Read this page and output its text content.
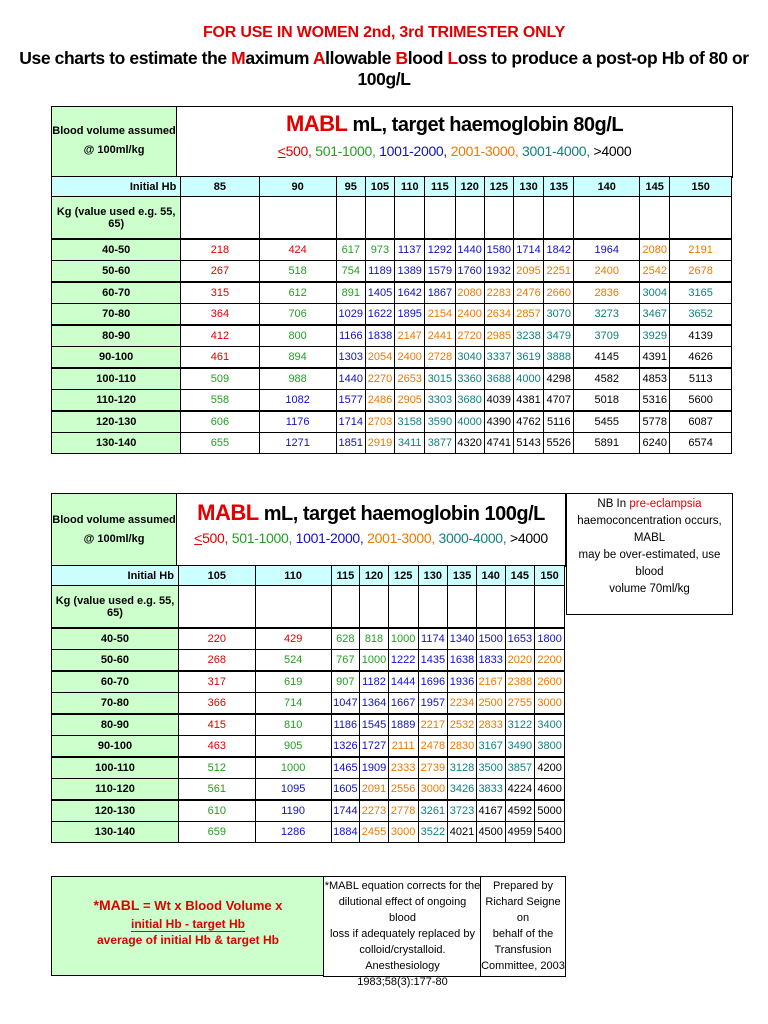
FOR USE IN WOMEN 2nd, 3rd TRIMESTER ONLY
Use charts to estimate the Maximum Allowable Blood Loss to produce a post-op Hb of 80 or 100g/L
Blood volume assumed
@ 100ml/kg
MABL mL, target haemoglobin 80g/L
<500, 501-1000, 1001-2000, 2001-3000, 3001-4000, >4000
Initial Hb	85	90	95	105	110	115	120	125	130	135	140	145	150
Kg (value used e.g. 55, 65)													
40-50	218	424	617	973	1137	1292	1440	1580	1714	1842	1964	2080	2191
50-60	267	518	754	1189	1389	1579	1760	1932	2095	2251	2400	2542	2678
60-70	315	612	891	1405	1642	1867	2080	2283	2476	2660	2836	3004	3165
70-80	364	706	1029	1622	1895	2154	2400	2634	2857	3070	3273	3467	3652
80-90	412	800	1166	1838	2147	2441	2720	2985	3238	3479	3709	3929	4139
90-100	461	894	1303	2054	2400	2728	3040	3337	3619	3888	4145	4391	4626
100-110	509	988	1440	2270	2653	3015	3360	3688	4000	4298	4582	4853	5113
110-120	558	1082	1577	2486	2905	3303	3680	4039	4381	4707	5018	5316	5600
120-130	606	1176	1714	2703	3158	3590	4000	4390	4762	5116	5455	5778	6087
130-140	655	1271	1851	2919	3411	3877	4320	4741	5143	5526	5891	6240	6574
Blood volume assumed
@ 100ml/kg
MABL mL, target haemoglobin 100g/L
<500, 501-1000, 1001-2000, 2001-3000, 3000-4000, >4000
NB In pre-eclampsia
haemoconcentration occurs, MABL
may be over-estimated, use blood
volume 70ml/kg
Initial Hb	105	110	115	120	125	130	135	140	145	150
Kg (value used e.g. 55, 65)										
40-50	220	429	628	818	1000	1174	1340	1500	1653	1800
50-60	268	524	767	1000	1222	1435	1638	1833	2020	2200
60-70	317	619	907	1182	1444	1696	1936	2167	2388	2600
70-80	366	714	1047	1364	1667	1957	2234	2500	2755	3000
80-90	415	810	1186	1545	1889	2217	2532	2833	3122	3400
90-100	463	905	1326	1727	2111	2478	2830	3167	3490	3800
100-110	512	1000	1465	1909	2333	2739	3128	3500	3857	4200
110-120	561	1095	1605	2091	2556	3000	3426	3833	4224	4600
120-130	610	1190	1744	2273	2778	3261	3723	4167	4592	5000
130-140	659	1286	1884	2455	3000	3522	4021	4500	4959	5400
*MABL = Wt x Blood Volume x
initial Hb - target Hb
average of initial Hb & target Hb
*MABL equation corrects for the
dilutional effect of ongoing blood
loss if adequately replaced by
colloid/crystalloid. Anesthesiology
1983;58(3):177-80
Prepared by
Richard Seigne on
behalf of the
Transfusion
Committee, 2003
